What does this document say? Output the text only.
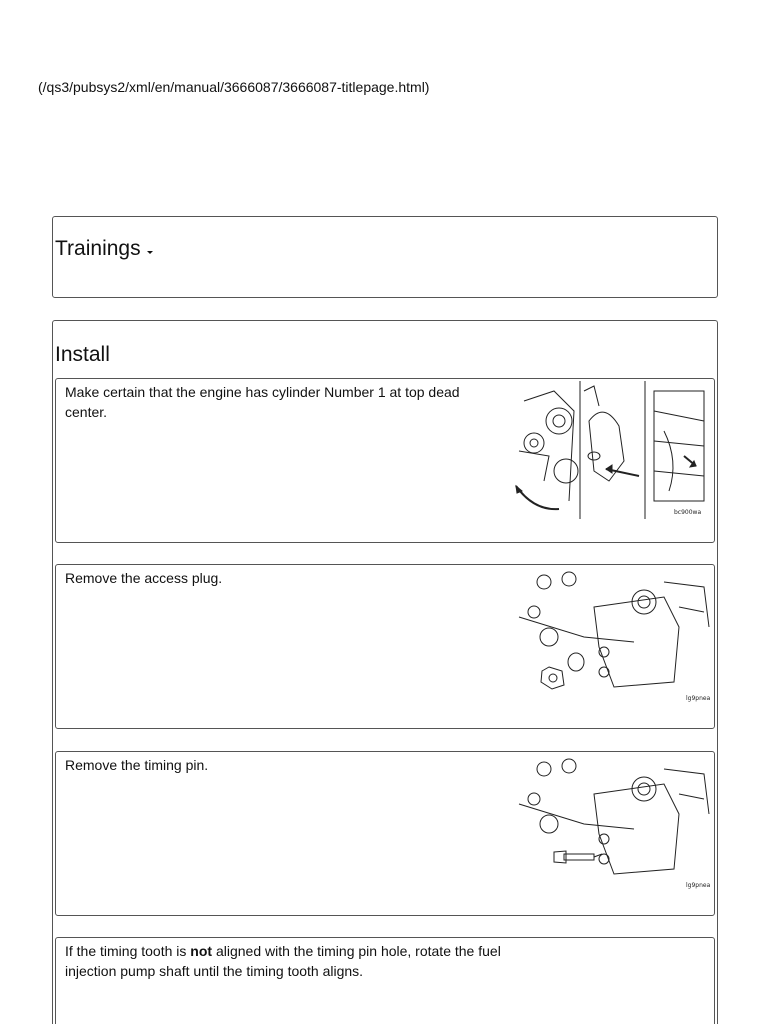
(/qs3/pubsys2/xml/en/manual/3666087/3666087-titlepage.html)
Trainings
Install
Make certain that the engine has cylinder Number 1 at top dead center.
bc900wa
Remove the access plug.
lg9pnea
Remove the timing pin.
lg9pnea
If the timing tooth is not aligned with the timing pin hole, rotate the fuel injection pump shaft until the timing tooth aligns.
